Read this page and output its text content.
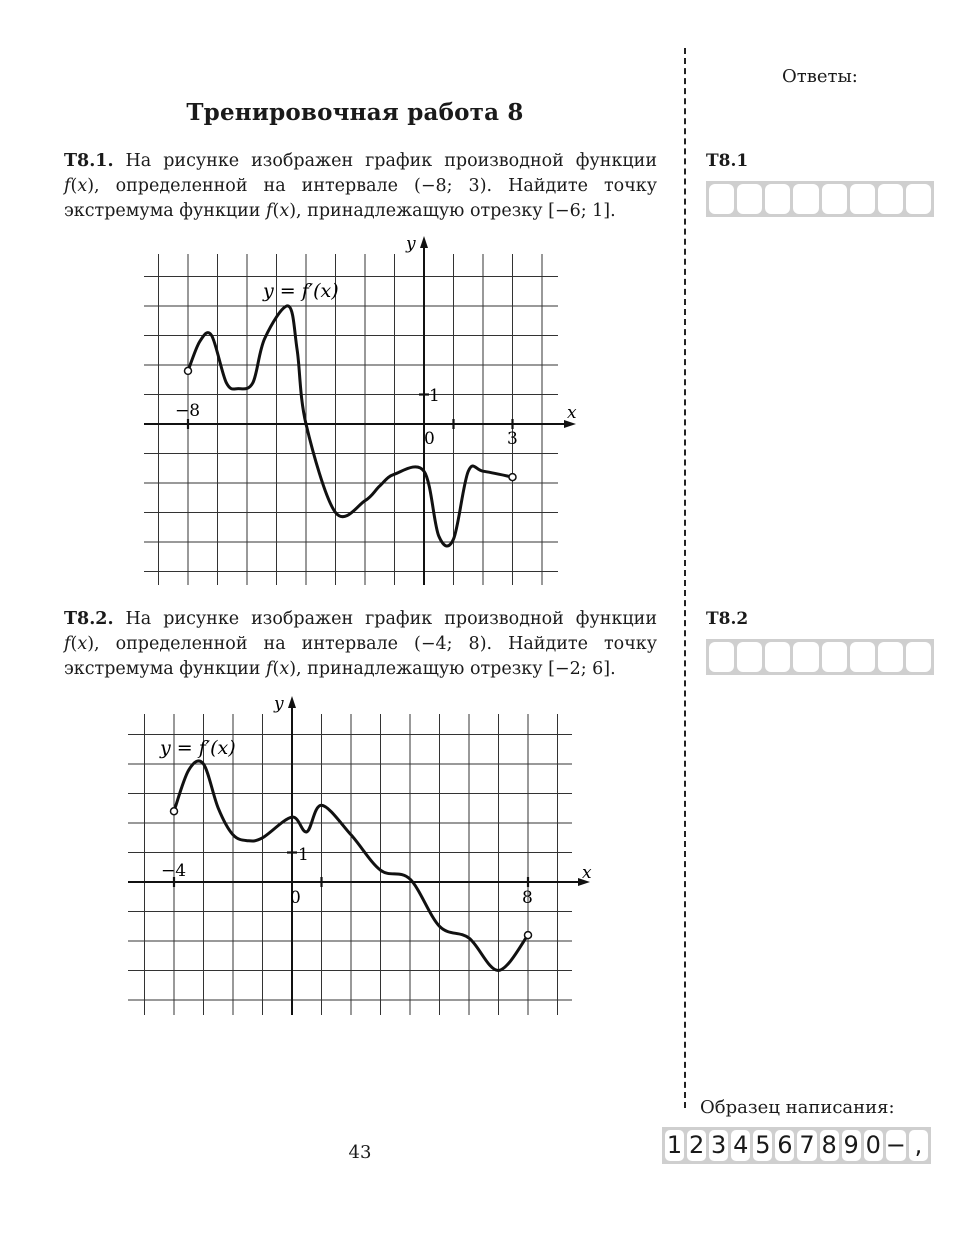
Тренировочная работа 8
T8.1. На рисунке изображен график производной функции f(x), определенной на интервале (−8; 3). Найдите точку экстремума функции f(x), принадлежащую отрезку [−6; 1].
y = f′(x)
x
y
−8
3
0
1
T8.2. На рисунке изображен график производной функции f(x), определенной на интервале (−4; 8). Найдите точку экстремума функции f(x), принадлежащую отрезку [−2; 6].
y = f′(x)
x
y
−4
8
0
1
Ответы:
T8.1
T8.2
Образец написания:
1 2 3 4 5 6 7 8 9 0 − ,
43
